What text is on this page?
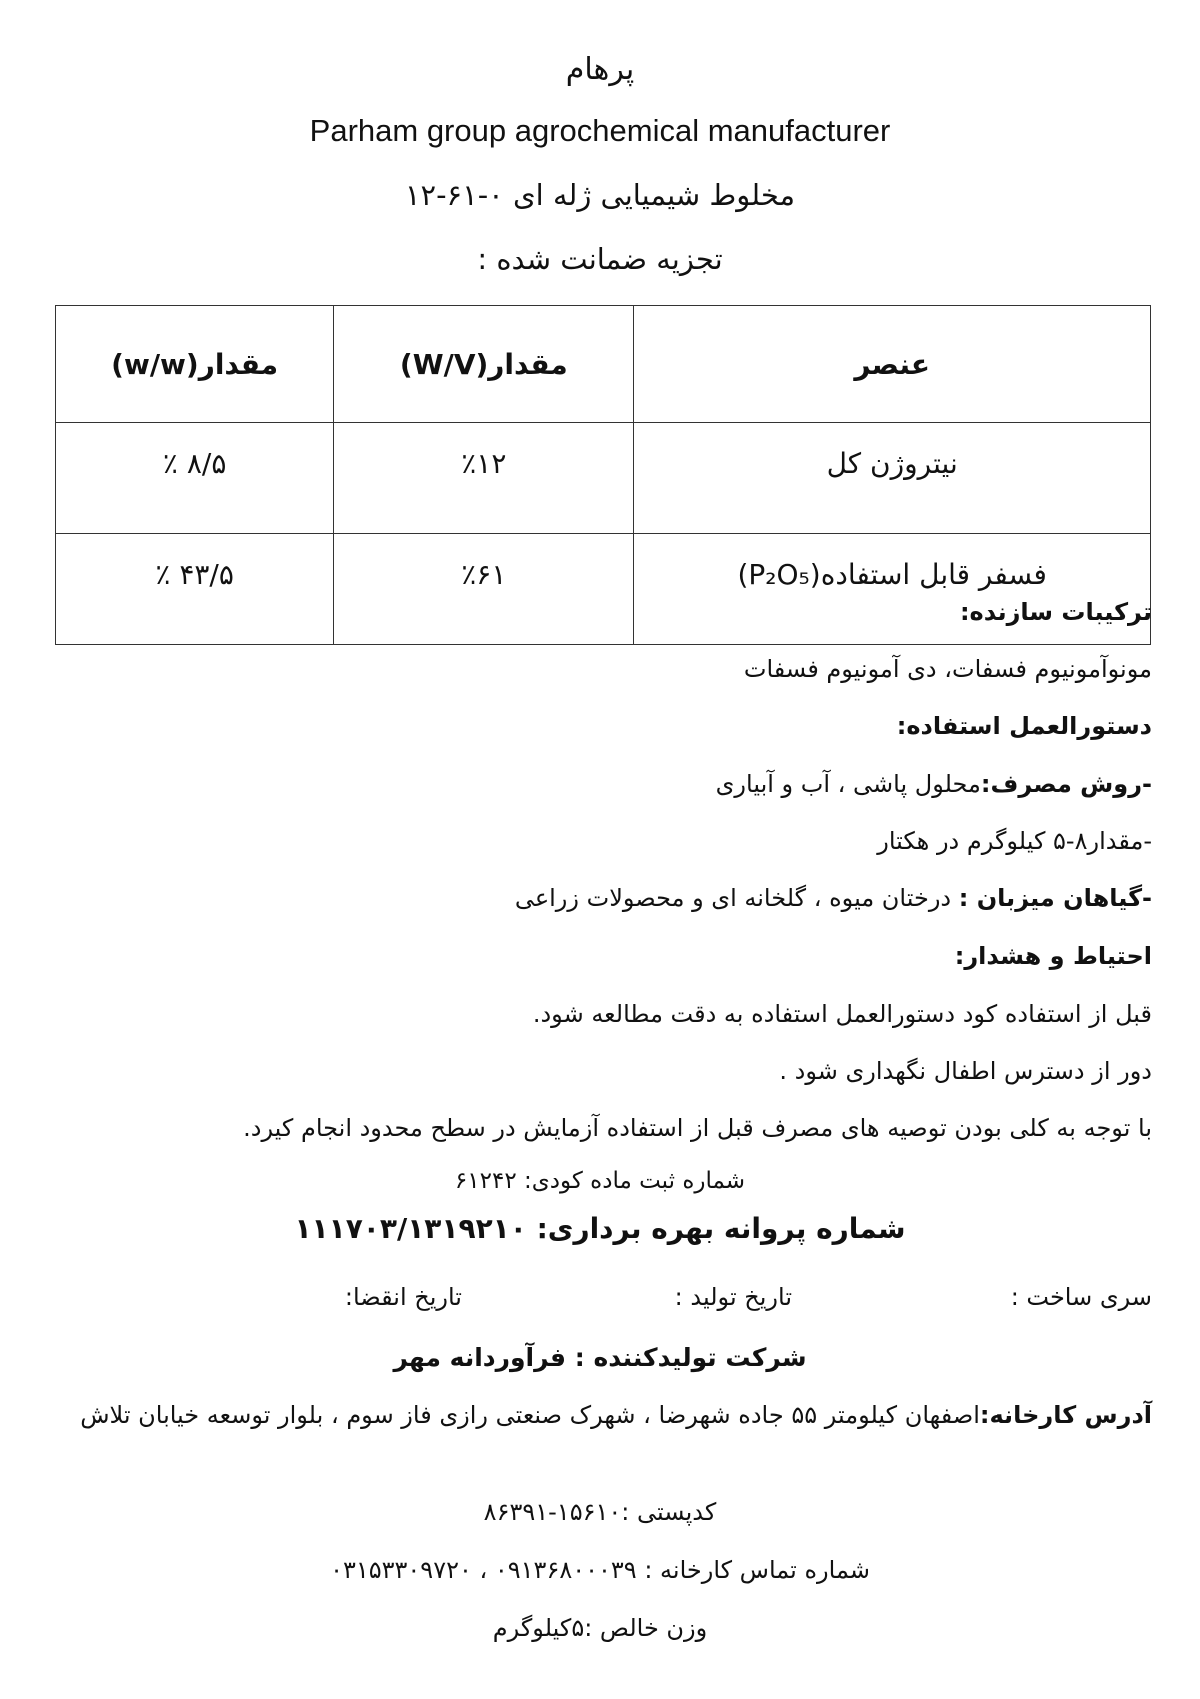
پرهام
Parham group agrochemical manufacturer
مخلوط شیمیایی ژله ای ۰-۶۱-۱۲
تجزیه ضمانت شده :
عنصر	مقدار(W/V)	مقدار(w/w)
نیتروژن کل	٪۱۲	٪ ۸/۵
فسفر قابل استفاده(P₂O₅)	٪۶۱	٪ ۴۳/۵
ترکیبات سازنده:
مونوآمونیوم فسفات، دی آمونیوم فسفات
دستورالعمل استفاده:
-روش مصرف:محلول پاشی ، آب و آبیاری
-مقدار۸-۵ کیلوگرم در هکتار
-گیاهان میزبان : درختان میوه ، گلخانه ای و محصولات زراعی
احتیاط و هشدار:
قبل از استفاده کود دستورالعمل استفاده به دقت مطالعه شود.
دور از دسترس اطفال نگهداری شود .
با توجه به کلی بودن توصیه های مصرف قبل از استفاده آزمایش در سطح محدود انجام کیرد.
شماره ثبت ماده کودی: ۶۱۲۴۲
شماره پروانه بهره برداری: ۱۱۱۷۰۳/۱۳۱۹۲۱۰
سری ساخت :
تاریخ تولید :
تاریخ انقضا:
شرکت تولیدکننده : فرآوردانه مهر
آدرس کارخانه:اصفهان کیلومتر ۵۵ جاده شهرضا ، شهرک صنعتی رازی فاز سوم ، بلوار توسعه خیابان تلاش
کدپستی :۱۵۶۱۰-۸۶۳۹۱
شماره تماس کارخانه : ۰۹۱۳۶۸۰۰۰۳۹ ، ۰۳۱۵۳۳۰۹۷۲۰
وزن خالص :۵کیلوگرم
